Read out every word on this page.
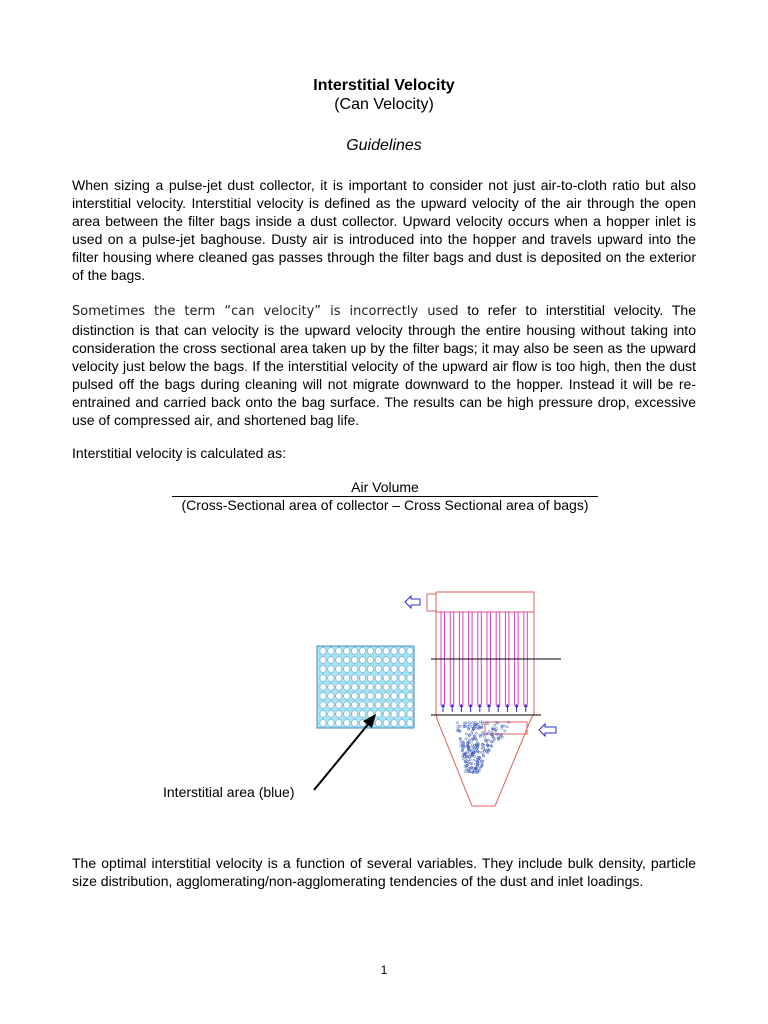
Interstitial Velocity
(Can Velocity)
Guidelines

When sizing a pulse-jet dust collector, it is important to consider not just air-to-cloth ratio but also interstitial velocity. Interstitial velocity is defined as the upward velocity of the air through the open area between the filter bags inside a dust collector. Upward velocity occurs when a hopper inlet is used on a pulse-jet baghouse. Dusty air is introduced into the hopper and travels upward into the filter housing where cleaned gas passes through the filter bags and dust is deposited on the exterior of the bags.

Sometimes the term “can velocity” is incorrectly used to refer to interstitial velocity. The distinction is that can velocity is the upward velocity through the entire housing without taking into consideration the cross sectional area taken up by the filter bags; it may also be seen as the upward velocity just below the bags. If the interstitial velocity of the upward air flow is too high, then the dust pulsed off the bags during cleaning will not migrate downward to the hopper. Instead it will be re-entrained and carried back onto the bag surface. The results can be high pressure drop, excessive use of compressed air, and shortened bag life.

Interstitial velocity is calculated as:

Air Volume
(Cross-Sectional area of collector – Cross Sectional area of bags)
Interstitial area (blue)

The optimal interstitial velocity is a function of several variables. They include bulk density, particle size distribution, agglomerating/non-agglomerating tendencies of the dust and inlet loadings.

1
